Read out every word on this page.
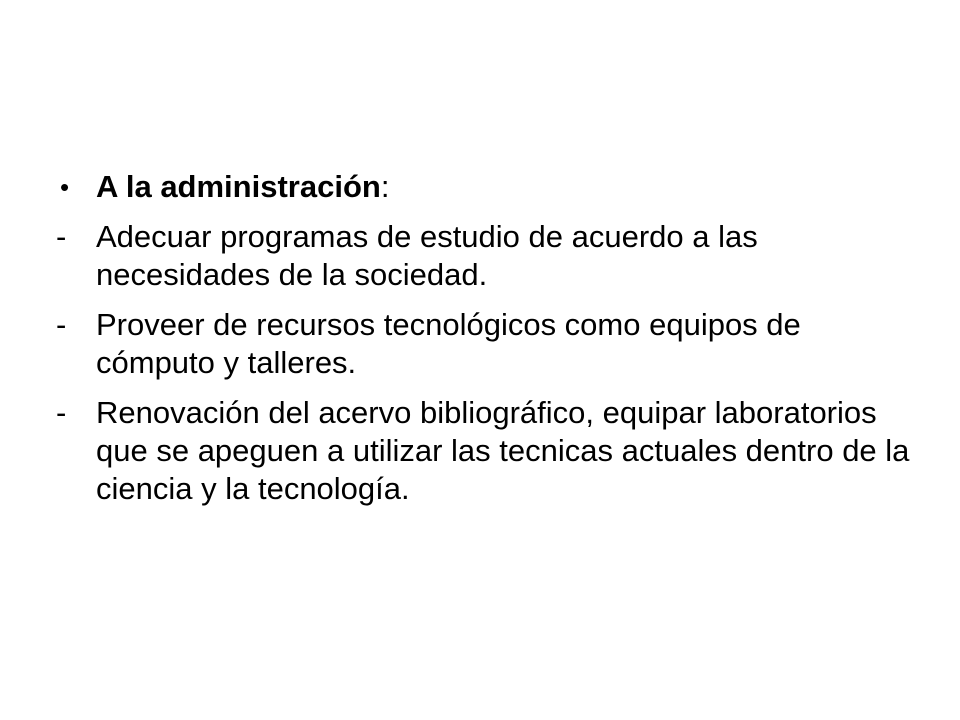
• A la administración:
- Adecuar programas de estudio de acuerdo a las necesidades de la sociedad.
- Proveer de recursos tecnológicos como equipos de cómputo y talleres.
- Renovación del acervo bibliográfico, equipar laboratorios que se apeguen a utilizar las tecnicas actuales dentro de la ciencia y la tecnología.
